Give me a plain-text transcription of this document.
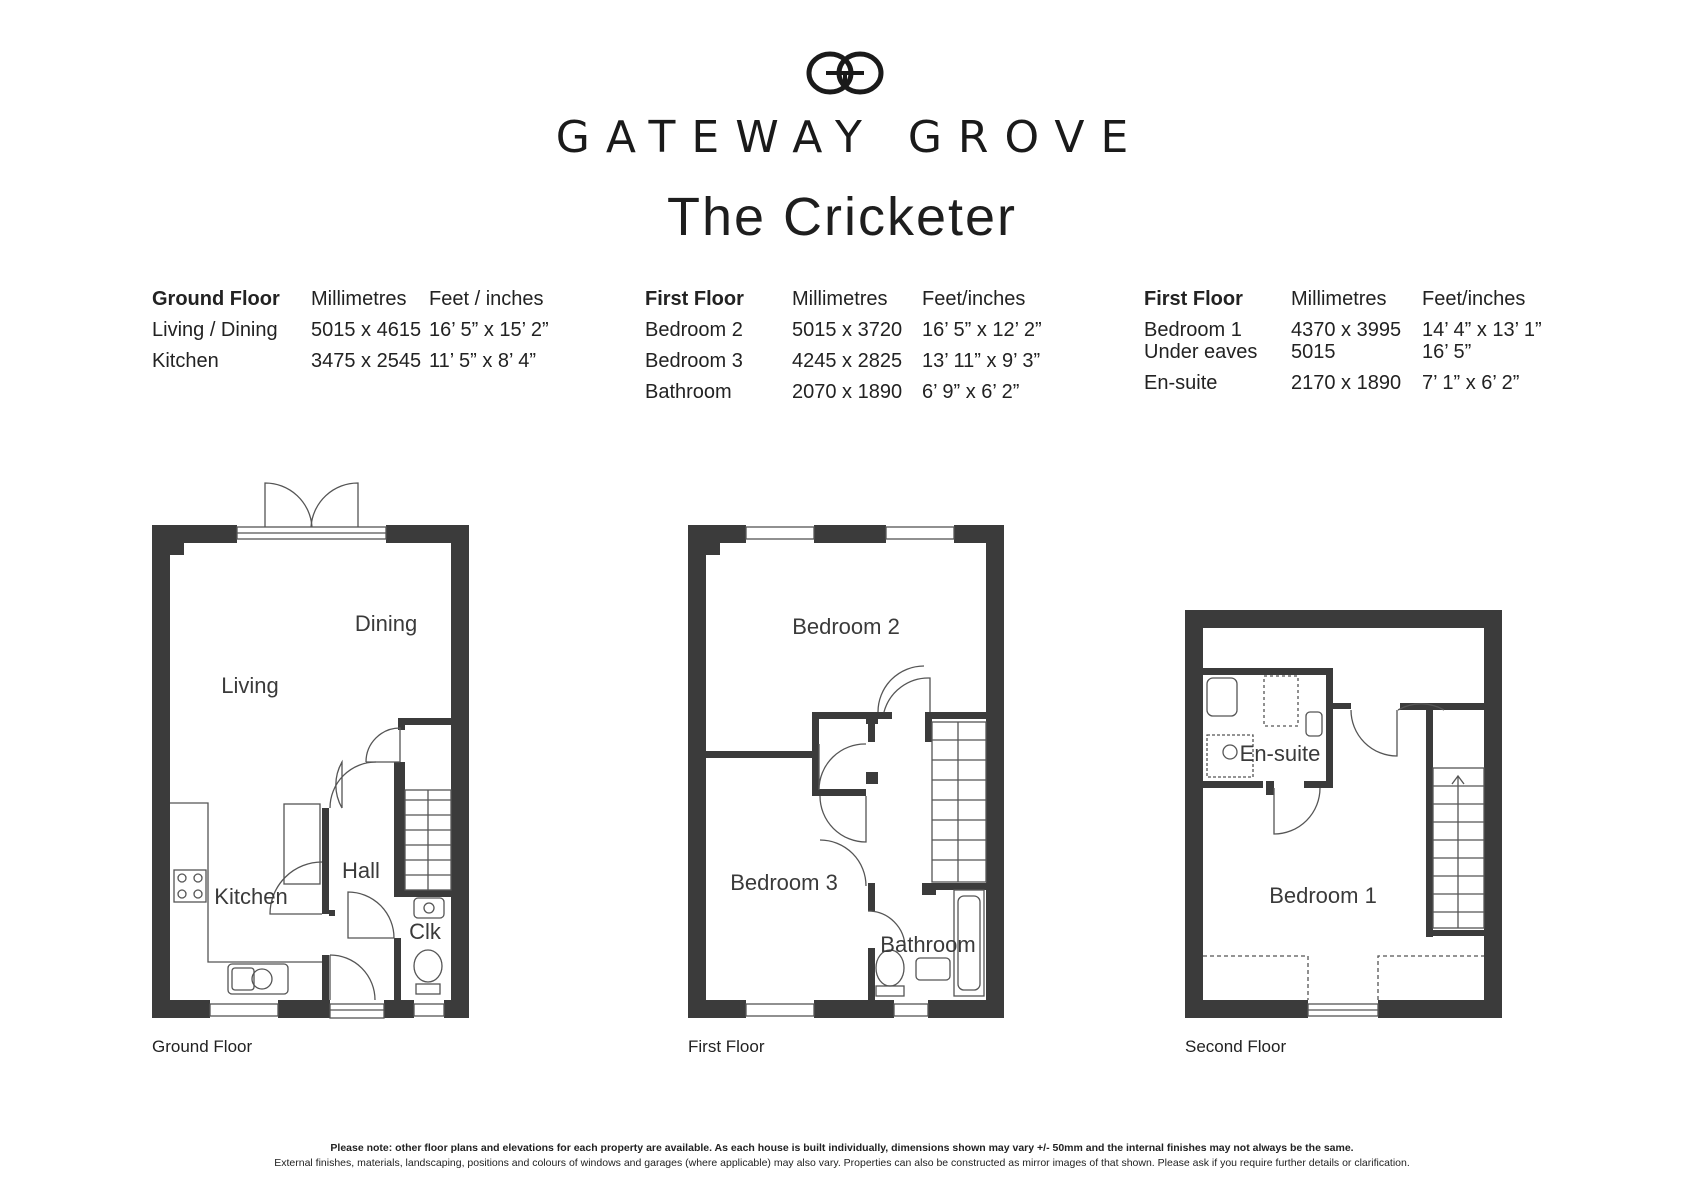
GATEWAY GROVE
The Cricketer
Ground Floor Millimetres Feet / inches
Living / Dining 5015 x 4615 16’ 5” x 15’ 2”
Kitchen	3475 x 2545 11’ 5” x 8’ 4”
First Floor Millimetres Feet/inches
Bedroom 2 5015 x 3720 16’ 5” x 12’ 2”
Bedroom 3 4245 x 2825 13’ 11” x 9’ 3”
Bathroom	2070 x 1890 6’ 9” x 6’ 2”
First Floor Millimetres Feet/inches
Bedroom 1 4370 x 3995 14’ 4” x 13’ 1”
Under eaves 5015	16’ 5”
En-suite	2170 x 1890 7’ 1” x 6’ 2”
Dining
Living
Kitchen
Hall
Clk
Bedroom 2
Bedroom 3
Bathroom
En-suite
Bedroom 1
Ground Floor	First Floor	Second Floor
Please note: other floor plans and elevations for each property are available. As each house is built individually, dimensions shown may vary +/- 50mm and the internal finishes may not always be the same.
External finishes, materials, landscaping, positions and colours of windows and garages (where applicable) may also vary. Properties can also be constructed as mirror images of that shown. Please ask if you require further details or clarification.
